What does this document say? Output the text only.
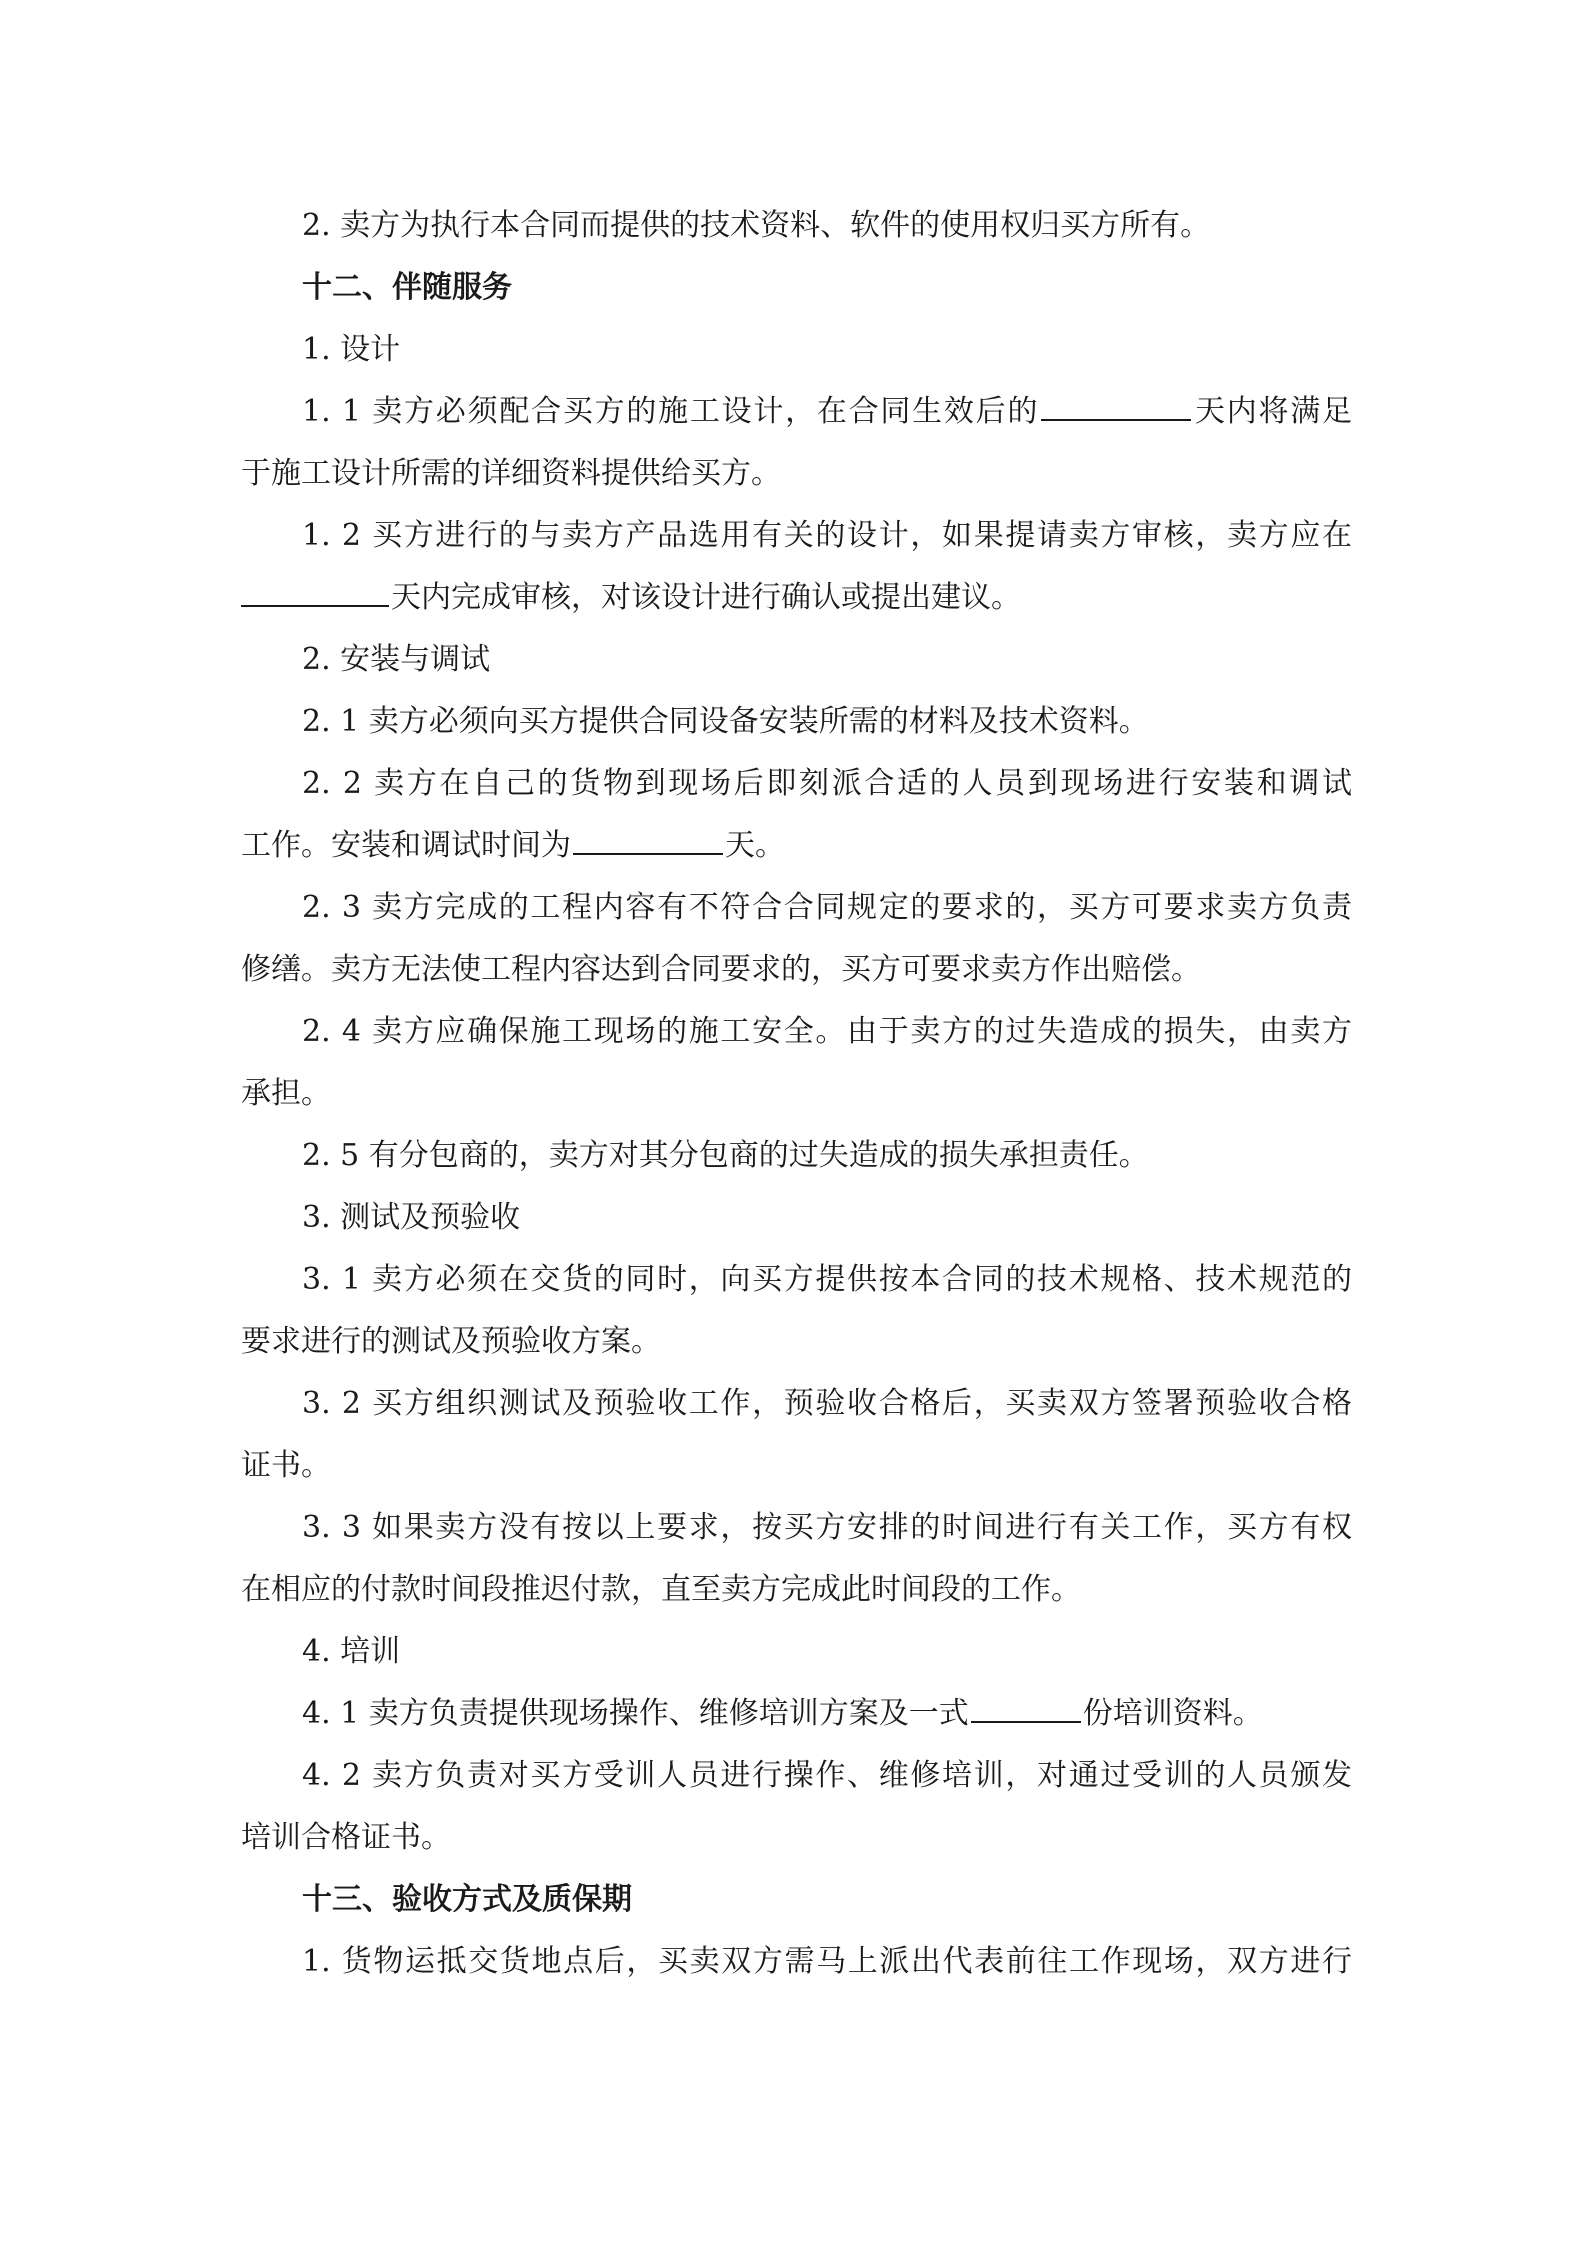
2. 卖方为执行本合同而提供的技术资料、软件的使用权归买方所有。
十二、伴随服务
1. 设计
1. 1 卖方必须配合买方的施工设计，在合同生效后的	天内将满足
于施工设计所需的详细资料提供给买方。
1. 2 买方进行的与卖方产品选用有关的设计，如果提请卖方审核，卖方应在
天内完成审核，对该设计进行确认或提出建议。
2. 安装与调试
2. 1 卖方必须向买方提供合同设备安装所需的材料及技术资料。
2. 2 卖方在自己的货物到现场后即刻派合适的人员到现场进行安装和调试
工作。安装和调试时间为	天。
2. 3 卖方完成的工程内容有不符合合同规定的要求的，买方可要求卖方负责
修缮。卖方无法使工程内容达到合同要求的，买方可要求卖方作出赔偿。
2. 4 卖方应确保施工现场的施工安全。由于卖方的过失造成的损失，由卖方
承担。
2. 5 有分包商的，卖方对其分包商的过失造成的损失承担责任。
3. 测试及预验收
3. 1 卖方必须在交货的同时，向买方提供按本合同的技术规格、技术规范的
要求进行的测试及预验收方案。
3. 2 买方组织测试及预验收工作，预验收合格后，买卖双方签署预验收合格
证书。
3. 3 如果卖方没有按以上要求，按买方安排的时间进行有关工作，买方有权
在相应的付款时间段推迟付款，直至卖方完成此时间段的工作。
4. 培训
4. 1 卖方负责提供现场操作、维修培训方案及一式	份培训资料。
4. 2 卖方负责对买方受训人员进行操作、维修培训，对通过受训的人员颁发
培训合格证书。
十三、验收方式及质保期
1. 货物运抵交货地点后，买卖双方需马上派出代表前往工作现场，双方进行
